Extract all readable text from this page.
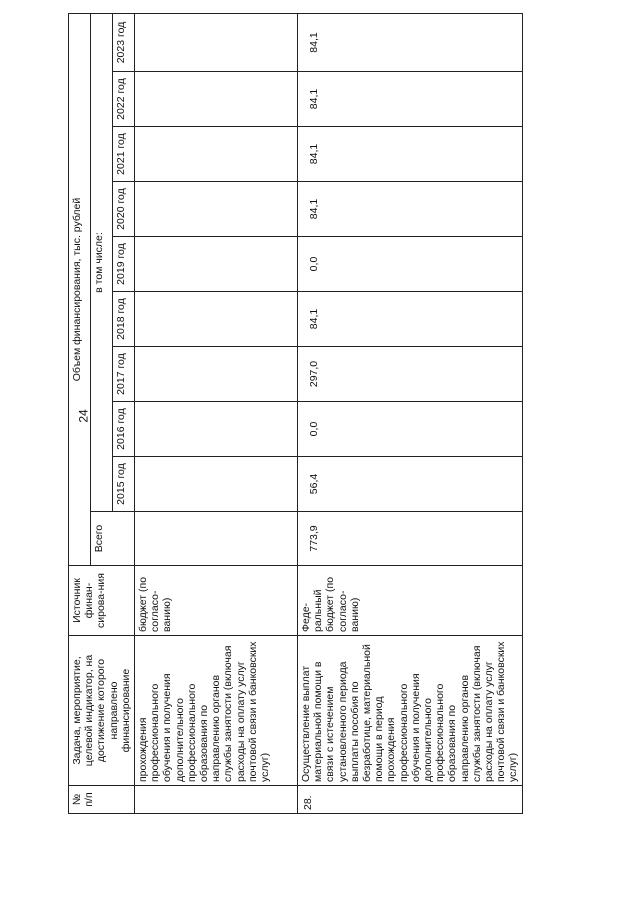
24
№ п/п	Задача, мероприятие, целевой индикатор, на достижение которого направлено финансирование	Источник финан-сирова-ния	Объем финансирования, тыс. рублей									
			Всего	в том числе:								
				2015 год	2016 год	2017 год	2018 год	2019 год	2020 год	2021 год	2022 год	2023 год
	прохождения профессионального обучения и получения дополнительного профессионального образования по направлению органов службы занятости (включая расходы на оплату услуг почтовой связи и банковских услуг)	бюджет (по согласо-ванию)										
28.	Осуществление выплат материальной помощи в связи с истечением установленного периода выплаты пособия по безработице, материальной помощи в период прохождения профессионального обучения и получения дополнительного профессионального образования по направлению органов службы занятости (включая расходы на оплату услуг почтовой связи и банковских услуг)	Феде-ральный бюджет (по согласо-ванию)	773,9	56,4	0,0	297,0	84,1	0,0	84,1	84,1	84,1	84,1
